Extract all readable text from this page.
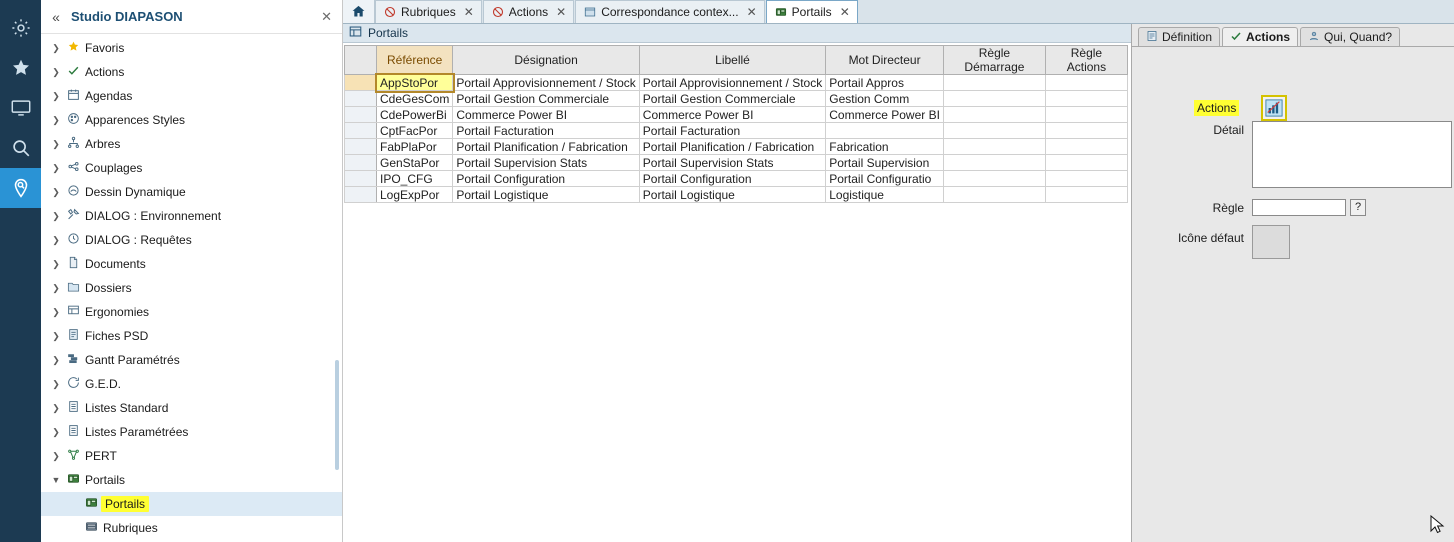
« Studio DIAPASON	✕
❯ Favoris
❯ Actions
❯ Agendas
❯ Apparences Styles
❯ Arbres
❯ Couplages
❯ Dessin Dynamique
❯ DIALOG : Environnement
❯ DIALOG : Requêtes
❯ Documents
❯ Dossiers
❯ Ergonomies
❯ Fiches PSD
❯ Gantt Paramétrés
❯ G.E.D.
❯ Listes Standard
❯ Listes Paramétrées
❯ PERT
▼ Portails
Portails
Rubriques
Rubriques ✕	Actions ✕	Correspondance contex... ✕	Portails ✕
Portails
	Référence	Désignation	Libellé	Mot Directeur	Règle Démarrage	Règle Actions
	AppStoPor	Portail Approvisionnement / Stock	Portail Approvisionnement / Stock	Portail Appros		
	CdeGesCom	Portail Gestion Commerciale	Portail Gestion Commerciale	Gestion Comm		
	CdePowerBi	Commerce Power BI	Commerce Power BI	Commerce Power BI		
	CptFacPor	Portail Facturation	Portail Facturation			
	FabPlaPor	Portail Planification / Fabrication	Portail Planification / Fabrication	Fabrication		
	GenStaPor	Portail Supervision Stats	Portail Supervision Stats	Portail Supervision		
	IPO_CFG	Portail Configuration	Portail Configuration	Portail Configuratio		
	LogExpPor	Portail Logistique	Portail Logistique	Logistique		
Définition	Actions	Qui, Quand?
Actions
Détail
Règle	?
Icône défaut
